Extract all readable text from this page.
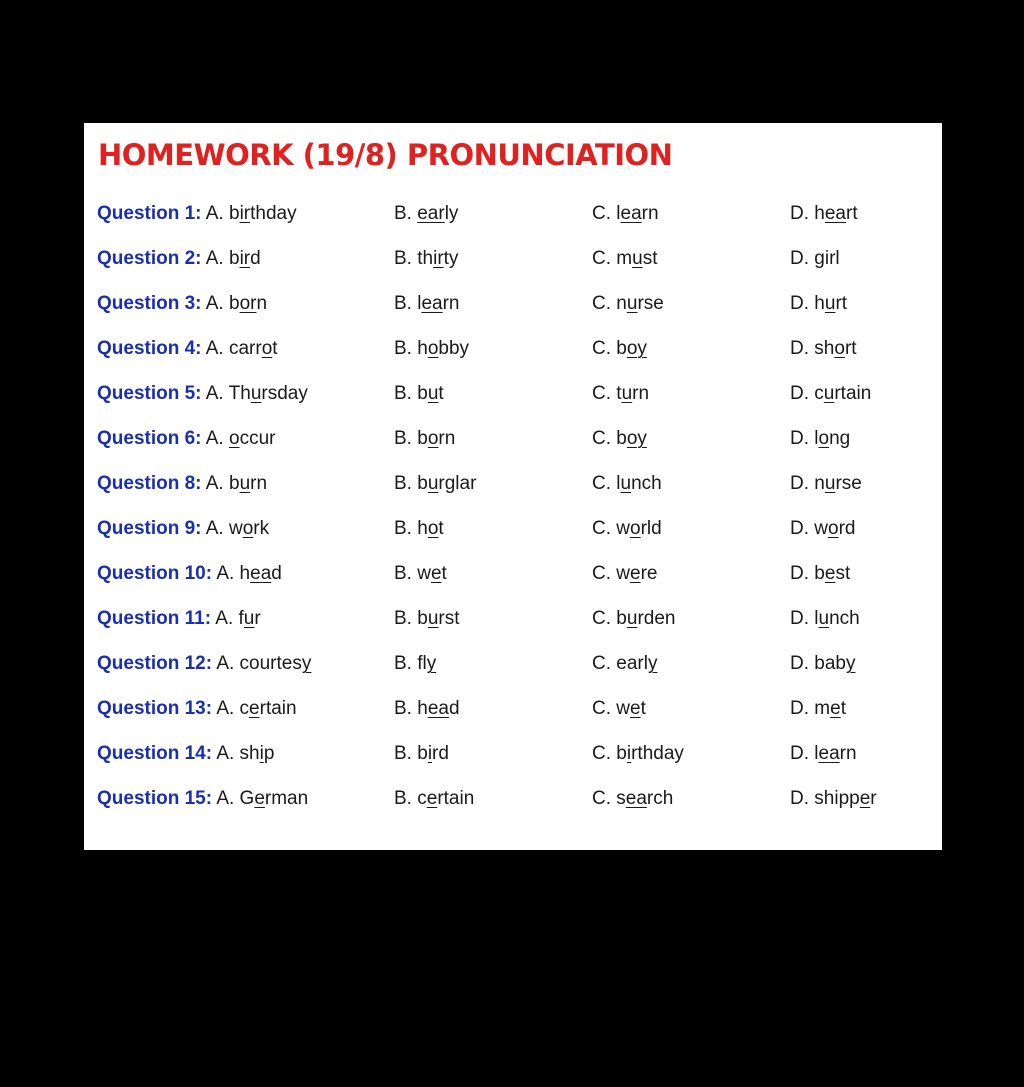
HOMEWORK (19/8) PRONUNCIATION
Question 1: A. birthday	B. early	C. learn	D. heart
Question 2: A. bird	B. thirty	C. must	D. girl
Question 3: A. born	B. learn	C. nurse	D. hurt
Question 4: A. carrot	B. hobby	C. boy	D. short
Question 5: A. Thursday	B. but	C. turn	D. curtain
Question 6: A. occur	B. born	C. boy	D. long
Question 8: A. burn	B. burglar	C. lunch	D. nurse
Question 9: A. work	B. hot	C. world	D. word
Question 10: A. head	B. wet	C. were	D. best
Question 11: A. fur	B. burst	C. burden	D. lunch
Question 12: A. courtesy	B. fly	C. early	D. baby
Question 13: A. certain	B. head	C. wet	D. met
Question 14: A. ship	B. bird	C. birthday	D. learn
Question 15: A. German	B. certain	C. search	D. shipper
